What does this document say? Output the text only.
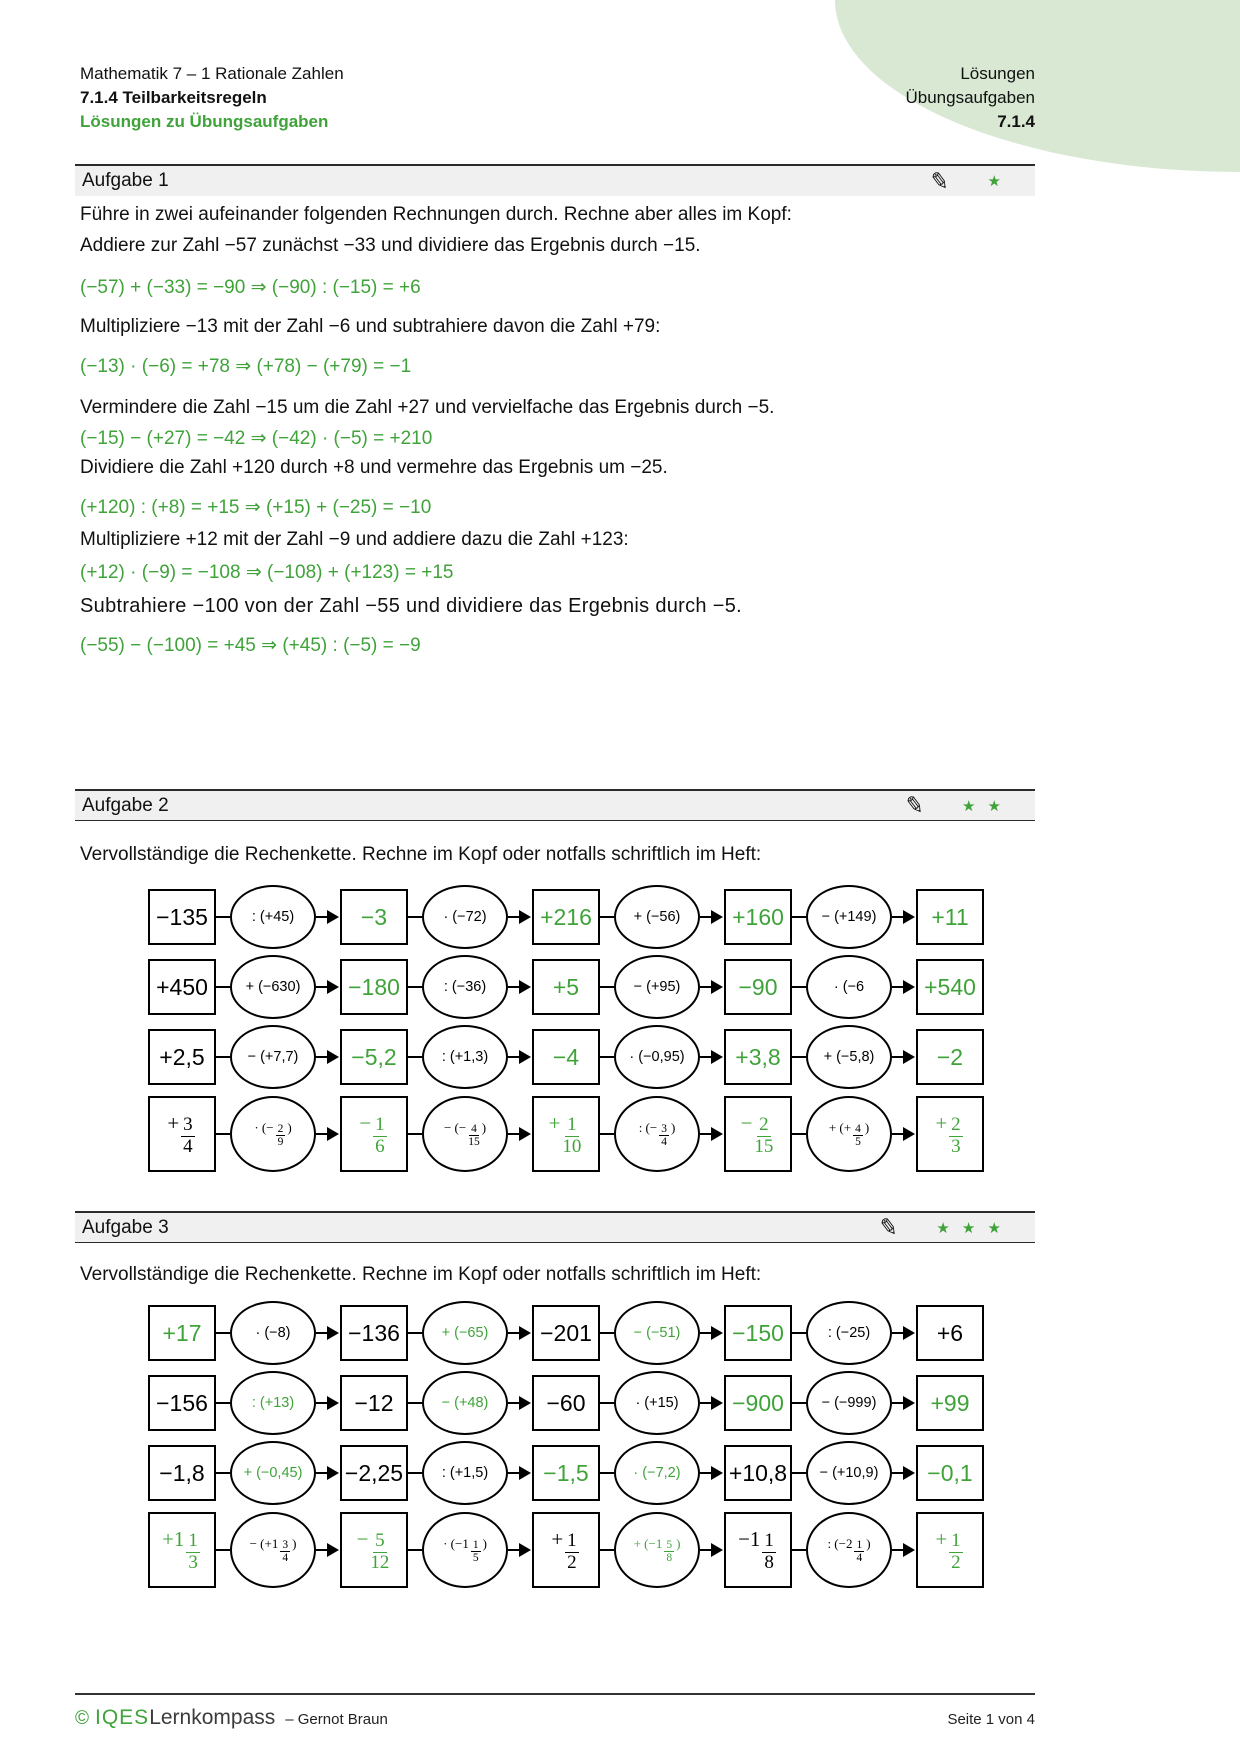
Lösungen
Übungsaufgaben
7.1.4
Mathematik 7 – 1 Rationale Zahlen
7.1.4 Teilbarkeitsregeln
Lösungen zu Übungsaufgaben
Aufgabe 1	✎ ★
Führe in zwei aufeinander folgenden Rechnungen durch. Rechne aber alles im Kopf:
Addiere zur Zahl −57 zunächst −33 und dividiere das Ergebnis durch −15.
(−57) + (−33) = −90 ⇒ (−90) : (−15) = +6
Multipliziere −13 mit der Zahl −6 und subtrahiere davon die Zahl +79:
(−13) · (−6) = +78 ⇒ (+78) − (+79) = −1
Vermindere die Zahl −15 um die Zahl +27 und vervielfache das Ergebnis durch −5.
(−15) − (+27) = −42 ⇒ (−42) · (−5) = +210
Dividiere die Zahl +120 durch +8 und vermehre das Ergebnis um −25.
(+120) : (+8) = +15 ⇒ (+15) + (−25) = −10
Multipliziere +12 mit der Zahl −9 und addiere dazu die Zahl +123:
(+12) · (−9) = −108 ⇒ (−108) + (+123) = +15
Subtrahiere −100 von der Zahl −55 und dividiere das Ergebnis durch −5.
(−55) − (−100) = +45 ⇒ (+45) : (−5) = −9
Aufgabe 2	✎ ★ ★
Vervollständige die Rechenkette. Rechne im Kopf oder notfalls schriftlich im Heft:
−135	: (+45)	−3	· (−72)	+216	+ (−56)	+160	− (+149)	+11
+450	+ (−630)	−180	: (−36)	+5	− (+95)	−90	· (−6	+540
+2,5	− (+7,7)	−5,2	: (+1,3)	−4	· (−0,95)	+3,8	+ (−5,8)	−2
+ $\frac{3}{4}$	· (− $\frac{2}{9}$ )	− $\frac{1}{6}$	− (− $\frac{4}{15}$ )	+ $\frac{1}{10}$	: (− $\frac{3}{4}$ )	− $\frac{2}{15}$	+ (+ $\frac{4}{5}$ )	+ $\frac{2}{3}$
Aufgabe 3	✎ ★ ★ ★
Vervollständige die Rechenkette. Rechne im Kopf oder notfalls schriftlich im Heft:
+17	· (−8)	−136	+ (−65)	−201	− (−51)	−150	: (−25)	+6
−156	: (+13)	−12	− (+48)	−60	· (+15)	−900	− (−999)	+99
−1,8	+ (−0,45)	−2,25	: (+1,5)	−1,5	· (−7,2)	+10,8	− (+10,9)	−0,1
$+1 \frac{1}{3}$	− ($+1 \frac{3}{4}$ )	− $\frac{5}{12}$	· ($-1 \frac{1}{5}$ )	+ $\frac{1}{2}$	+ ($-1 \frac{5}{8}$ )	$-1 \frac{1}{8}$	: ($-2 \frac{1}{4}$ )	+ $\frac{1}{2}$
© IQES Lernkompass – Gernot Braun	Seite 1 von 4
